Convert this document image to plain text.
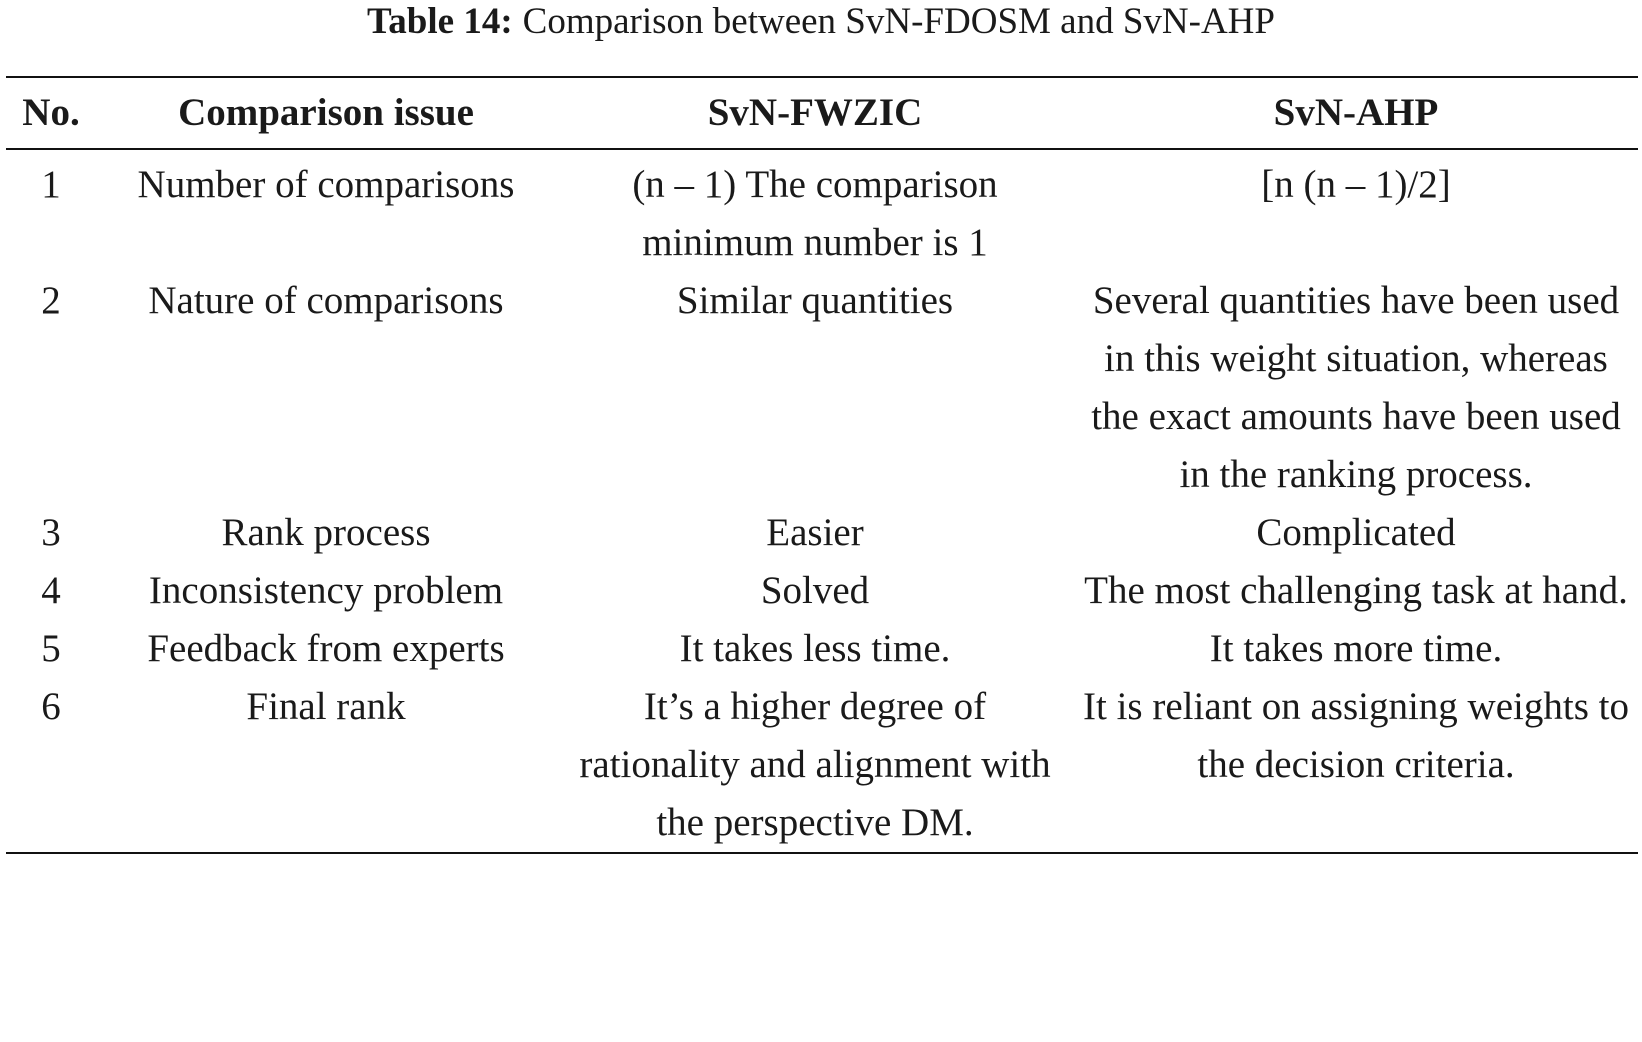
Table 14: Comparison between SvN-FDOSM and SvN-AHP
No.	Comparison issue	SvN-FWZIC	SvN-AHP
1	Number of comparisons	(n – 1) The comparison minimum number is 1	[n (n – 1)/2]
2	Nature of comparisons	Similar quantities	Several quantities have been used in this weight situation, whereas the exact amounts have been used in the ranking process.
3	Rank process	Easier	Complicated
4	Inconsistency problem	Solved	The most challenging task at hand.
5	Feedback from experts	It takes less time.	It takes more time.
6	Final rank	It’s a higher degree of rationality and alignment with the perspective DM.	It is reliant on assigning weights to the decision criteria.
